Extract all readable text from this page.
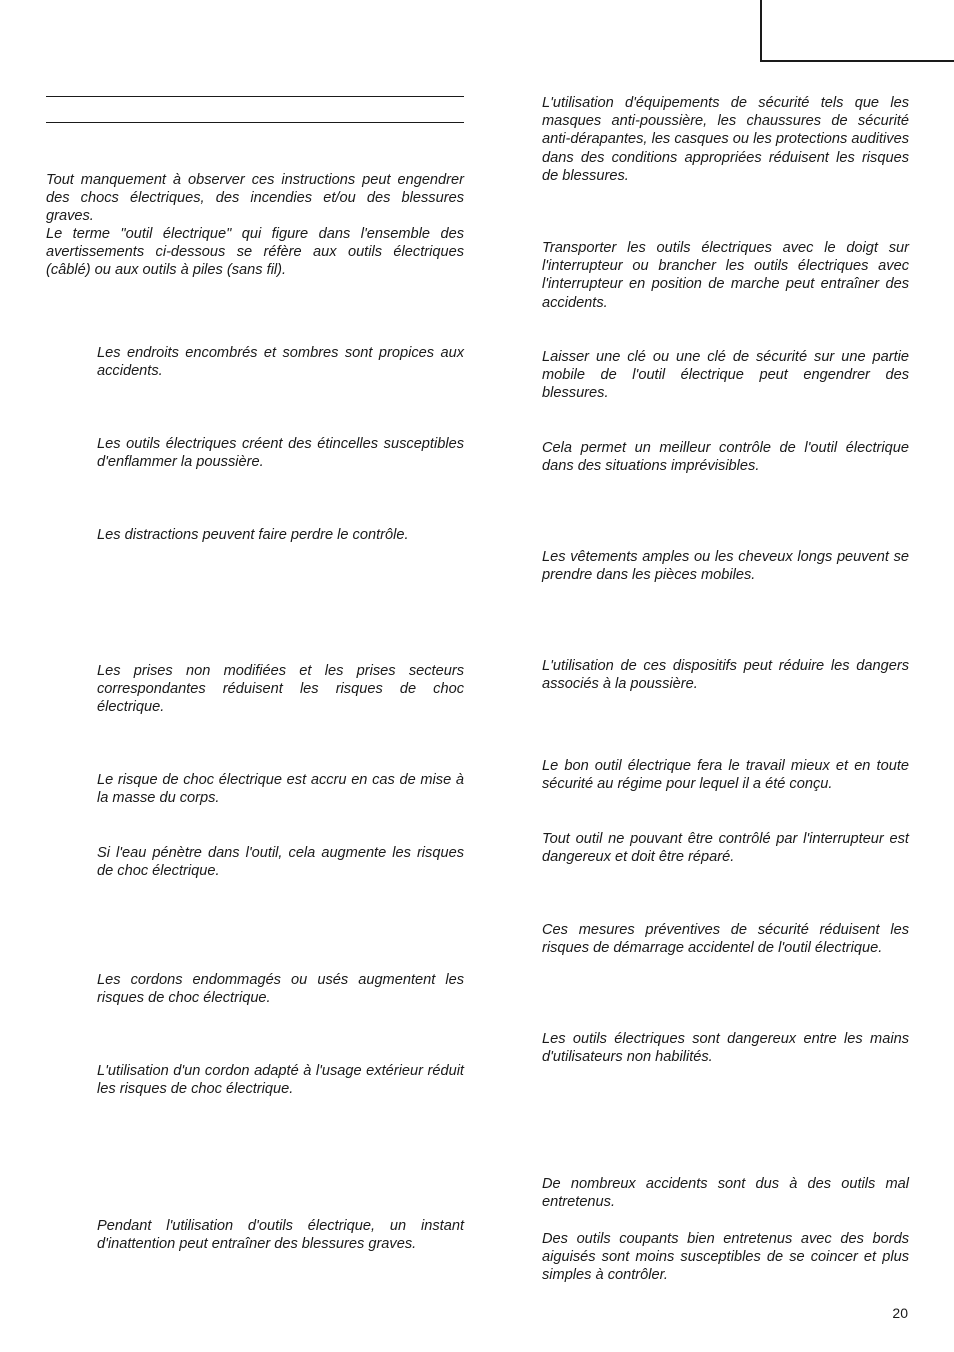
Tout manquement à observer ces instructions peut engendrer des chocs électriques, des incendies et/ou des blessures graves.

Le terme "outil électrique" qui figure dans l'ensemble des avertissements ci-dessous se réfère aux outils électriques (câblé) ou aux outils à piles (sans fil).

Les endroits encombrés et sombres sont propices aux accidents.

Les outils électriques créent des étincelles susceptibles d'enflammer la poussière.

Les distractions peuvent faire perdre le contrôle.

Les prises non modifiées et les prises secteurs correspondantes réduisent les risques de choc électrique.

Le risque de choc électrique est accru en cas de mise à la masse du corps.

Si l'eau pénètre dans l'outil, cela augmente les risques de choc électrique.

Les cordons endommagés ou usés augmentent les risques de choc électrique.

L'utilisation d'un cordon adapté à l'usage extérieur réduit les risques de choc électrique.

Pendant l'utilisation d'outils électrique, un instant d'inattention peut entraîner des blessures graves.

L'utilisation d'équipements de sécurité tels que les masques anti-poussière, les chaussures de sécurité anti-dérapantes, les casques ou les protections auditives dans des conditions appropriées réduisent les risques de blessures.

Transporter les outils électriques avec le doigt sur l'interrupteur ou brancher les outils électriques avec l'interrupteur en position de marche peut entraîner des accidents.

Laisser une clé ou une clé de sécurité sur une partie mobile de l'outil électrique peut engendrer des blessures.

Cela permet un meilleur contrôle de l'outil électrique dans des situations imprévisibles.

Les vêtements amples ou les cheveux longs peuvent se prendre dans les pièces mobiles.

L'utilisation de ces dispositifs peut réduire les dangers associés à la poussière.

Le bon outil électrique fera le travail mieux et en toute sécurité au régime pour lequel il a été conçu.

Tout outil ne pouvant être contrôlé par l'interrupteur est dangereux et doit être réparé.

Ces mesures préventives de sécurité réduisent les risques de démarrage accidentel de l'outil électrique.

Les outils électriques sont dangereux entre les mains d'utilisateurs non habilités.

De nombreux accidents sont dus à des outils mal entretenus.

Des outils coupants bien entretenus avec des bords aiguisés sont moins susceptibles de se coincer et plus simples à contrôler.

20
